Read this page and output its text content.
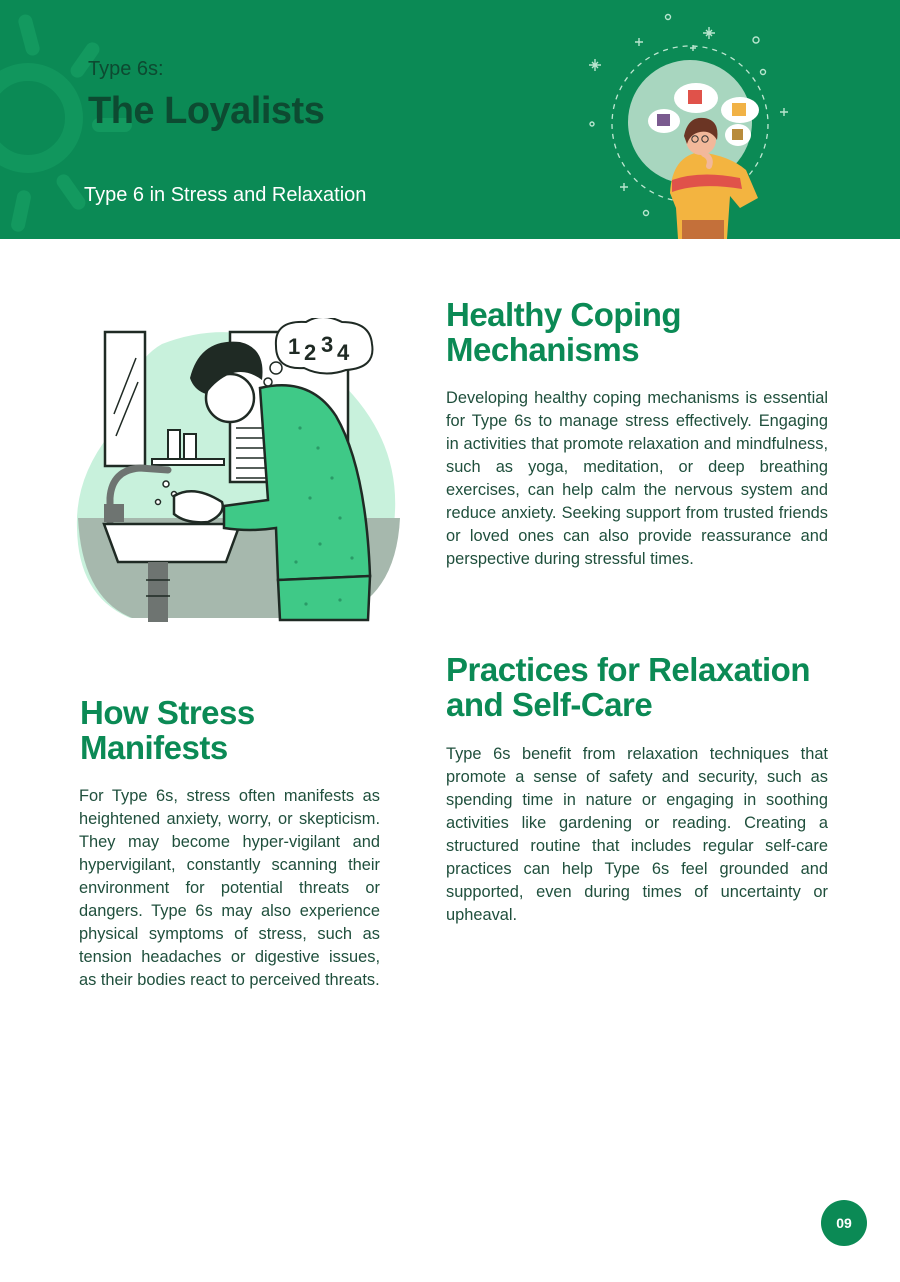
Type 6s:

The Loyalists
Type 6 in Stress and Relaxation
1 2 3 4
Healthy Coping
Mechanisms

Developing healthy coping mechanisms is essential for Type 6s to manage stress effectively. Engaging in activities that promote relaxation and mindfulness, such as yoga, meditation, or deep breathing exercises, can help calm the nervous system and reduce anxiety. Seeking support from trusted friends or loved ones can also provide reassurance and perspective during stressful times.

Practices for Relaxation
and Self-Care

Type 6s benefit from relaxation techniques that promote a sense of safety and security, such as spending time in nature or engaging in soothing activities like gardening or reading. Creating a structured routine that includes regular self-care practices can help Type 6s feel grounded and supported, even during times of uncertainty or upheaval.

How Stress
Manifests

For Type 6s, stress often manifests as heightened anxiety, worry, or skepticism. They may become hyper-vigilant and hypervigilant, constantly scanning their environment for potential threats or dangers. Type 6s may also experience physical symptoms of stress, such as tension headaches or digestive issues, as their bodies react to perceived threats.

09
